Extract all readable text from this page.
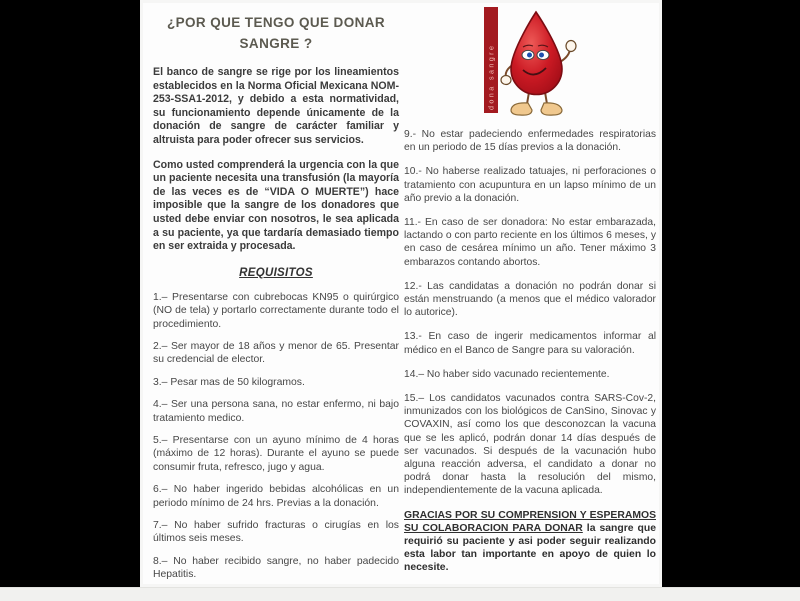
¿POR QUE TENGO QUE DONAR
SANGRE ?

El banco de sangre se rige por los lineamientos establecidos en la Norma Oficial Mexicana NOM-253-SSA1-2012, y debido a esta normatividad, su funcionamiento depende únicamente de la donación de sangre de carácter familiar y altruista para poder ofrecer sus servicios.

Como usted comprenderá la urgencia con la que un paciente necesita una transfusión (la mayoría de las veces es de “VIDA O MUERTE”) hace imposible que la sangre de los donadores que usted debe enviar con nosotros, le sea aplicada a su paciente, ya que tardaría demasiado tiempo en ser extraida y procesada.

REQUISITOS

1.– Presentarse con cubrebocas KN95 o quirúrgico (NO de tela) y portarlo correctamente durante todo el procedimiento.

2.– Ser mayor de 18 años y menor de 65. Presentar su credencial de elector.

3.– Pesar mas de 50 kilogramos.

4.– Ser una persona sana, no estar enfermo, ni bajo tratamiento medico.

5.– Presentarse con un ayuno mínimo de 4 horas (máximo de 12 horas). Durante el ayuno se puede consumir fruta, refresco, jugo y agua.

6.– No haber ingerido bebidas alcohólicas en un periodo mínimo de 24 hrs. Previas a la donación.

7.– No haber sufrido fracturas o cirugías en los últimos seis meses.

8.– No haber recibido sangre, no haber padecido Hepatitis.

dona sangre

9.- No estar padeciendo enfermedades respiratorias en un periodo de 15 días previos a la donación.

10.- No haberse realizado tatuajes, ni perforaciones o tratamiento con acupuntura en un lapso mínimo de un año previo a la donación.

11.- En caso de ser donadora: No estar embarazada, lactando o con parto reciente en los últimos 6 meses, y en caso de cesárea mínimo un año. Tener máximo 3 embarazos contando abortos.

12.- Las candidatas a donación no podrán donar si están menstruando (a menos que el médico valorador lo autorice).

13.- En caso de ingerir medicamentos informar al médico en el Banco de Sangre para su valoración.

14.– No haber sido vacunado recientemente.

15.– Los candidatos vacunados contra SARS-Cov-2, inmunizados con los biológicos de CanSino, Sinovac y COVAXIN, así como los que desconozcan la vacuna que se les aplicó, podrán donar 14 días después de ser vacunados. Si después de la vacunación hubo alguna reacción adversa, el candidato a donar no podrá donar hasta la resolución del mismo, independientemente de la vacuna aplicada.

GRACIAS POR SU COMPRENSION Y ESPERAMOS SU COLABORACION PARA DONAR la sangre que requirió su paciente y asi poder seguir realizando esta labor tan importante en apoyo de quien lo necesite.
